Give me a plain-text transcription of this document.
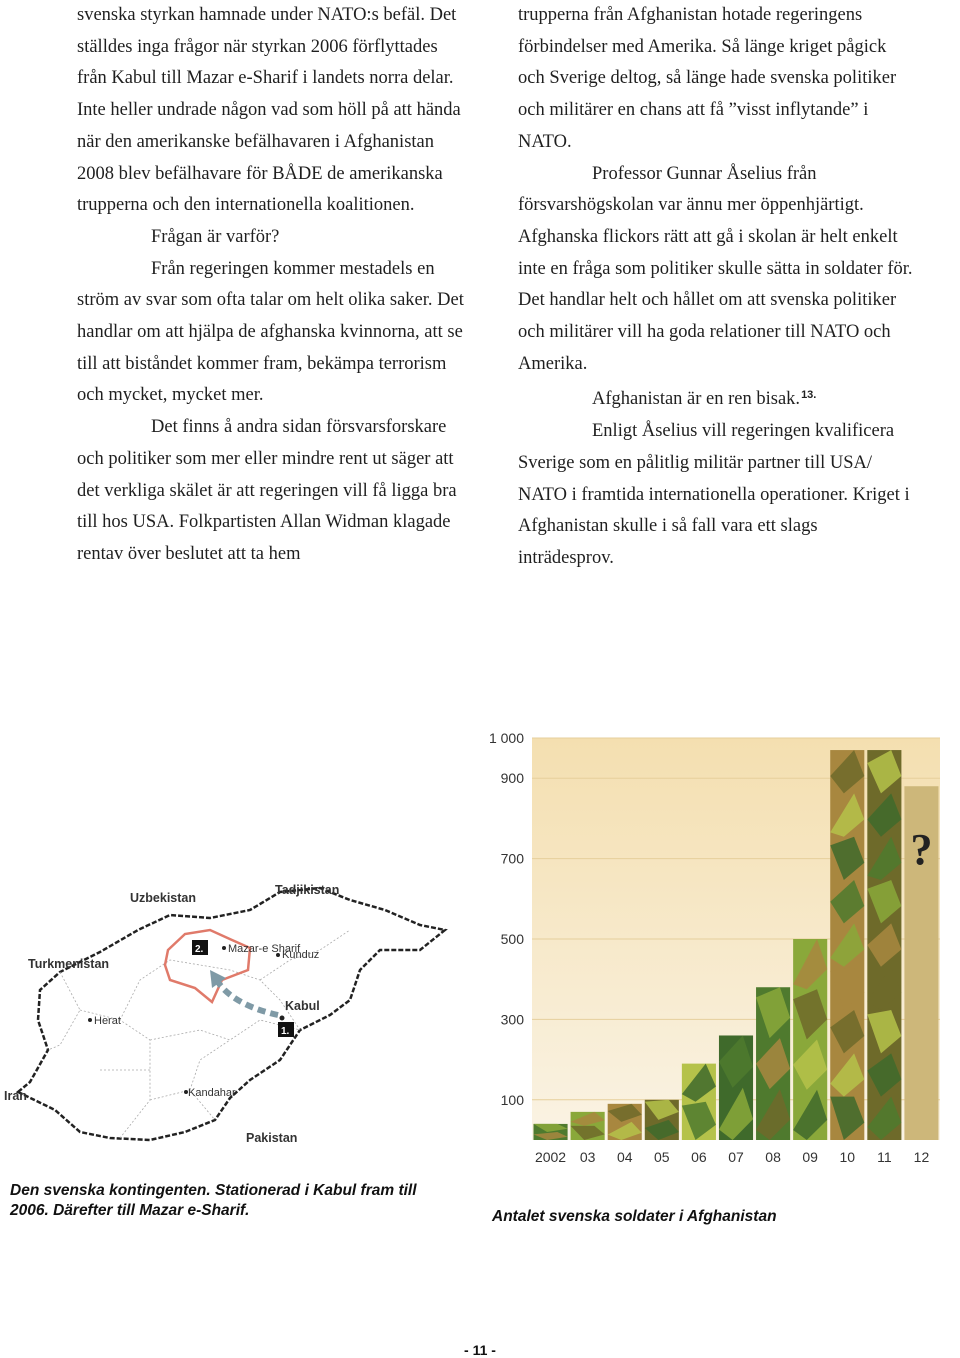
svenska styrkan hamnade under NATO:s befäl. Det ställdes inga frågor när styrkan 2006 förflyttades från Kabul till Mazar e-Sharif i landets norra delar. Inte heller undrade någon vad som höll på att hända när den amerikanske befälhavaren i Afghanistan 2008 blev befälhavare för BÅDE de amerikanska trupperna och den internationella koalitionen.

Frågan är varför?

Från regeringen kommer mestadels en ström av svar som ofta talar om helt olika saker. Det handlar om att hjälpa de afghanska kvinnorna, att se till att biståndet kommer fram, bekämpa terrorism och mycket, mycket mer.

Det finns å andra sidan försvarsforskare och politiker som mer eller mindre rent ut säger att det verkliga skälet är att regeringen vill få ligga bra till hos USA. Folkpartisten Allan Widman klagade rentav över beslutet att ta hem

trupperna från Afghanistan hotade regeringens förbindelser med Amerika. Så länge kriget pågick och Sverige deltog, så länge hade svenska politiker och militärer en chans att få ”visst inflytande” i NATO.

Professor Gunnar Åselius från försvarshögskolan var ännu mer öppenhjärtigt. Afghanska flickors rätt att gå i skolan är helt enkelt inte en fråga som politiker skulle sätta in soldater för. Det handlar helt och hållet om att svenska politiker och militärer vill ha goda relationer till NATO och Amerika.

Afghanistan är en ren bisak.$^{13.}$

Enligt Åselius vill regeringen kvalificera Sverige som en pålitlig militär partner till USA/ NATO i framtida internationella operationer. Kriget i Afghanistan skulle i så fall vara ett slags inträdesprov.

Uzbekistan
Tadjikistan
Turkmenistan
Iran
Pakistan
Mazar-e Sharif
Kunduz
Kabul
Herat
Kandahar
2.
1.
100
300
500
700
900
1 000
2002 03 04 05 06 07 08 09 10 11 12
?
Den svenska kontingenten. Stationerad i Kabul fram till 2006. Därefter till Mazar e-Sharif.	Antalet svenska soldater i Afghanistan
- 11 -
